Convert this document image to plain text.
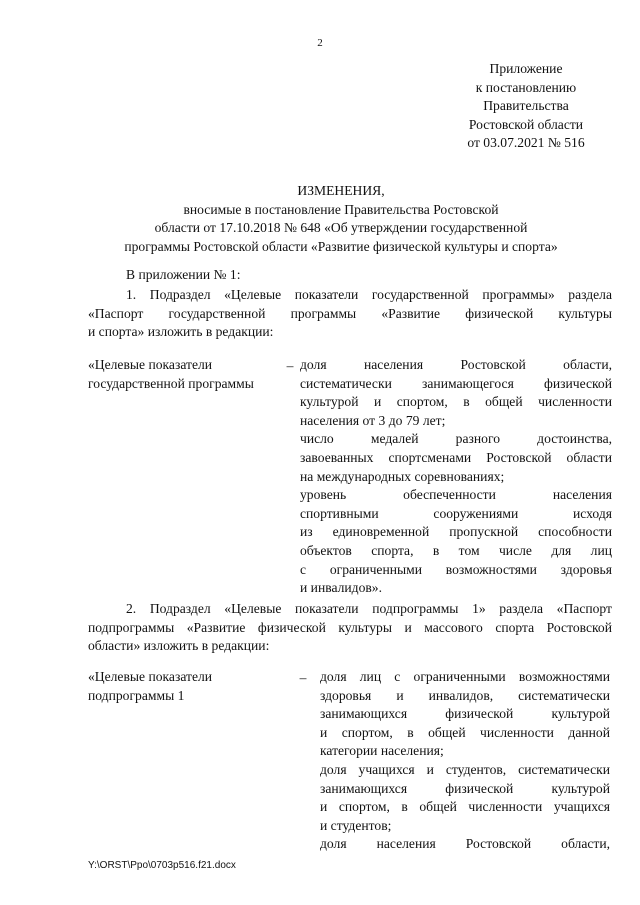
2
Приложение
к постановлению
Правительства
Ростовской области
от 03.07.2021 № 516
ИЗМЕНЕНИЯ,
вносимые в постановление Правительства Ростовской
области от 17.10.2018 № 648 «Об утверждении государственной
программы Ростовской области «Развитие физической культуры и спорта»
В приложении № 1:
1. Подраздел «Целевые показатели государственной программы» раздела
«Паспорт государственной программы «Развитие физической культуры
и спорта» изложить в редакции:
«Целевые показатели
государственной программы
– доля населения Ростовской области,
систематически занимающегося физической
культурой и спортом, в общей численности
населения от 3 до 79 лет;
число медалей разного достоинства,
завоеванных спортсменами Ростовской области
на международных соревнованиях;
уровень обеспеченности населения
спортивными сооружениями исходя
из единовременной пропускной способности
объектов спорта, в том числе для лиц
с ограниченными возможностями здоровья
и инвалидов».
2. Подраздел «Целевые показатели подпрограммы 1» раздела «Паспорт
подпрограммы «Развитие физической культуры и массового спорта Ростовской
области» изложить в редакции:
«Целевые показатели
подпрограммы 1
– доля лиц с ограниченными возможностями
здоровья и инвалидов, систематически
занимающихся физической культурой
и спортом, в общей численности данной
категории населения;
доля учащихся и студентов, систематически
занимающихся физической культурой
и спортом, в общей численности учащихся
и студентов;
доля населения Ростовской области,
Y:\ORST\Ppo\0703p516.f21.docx
